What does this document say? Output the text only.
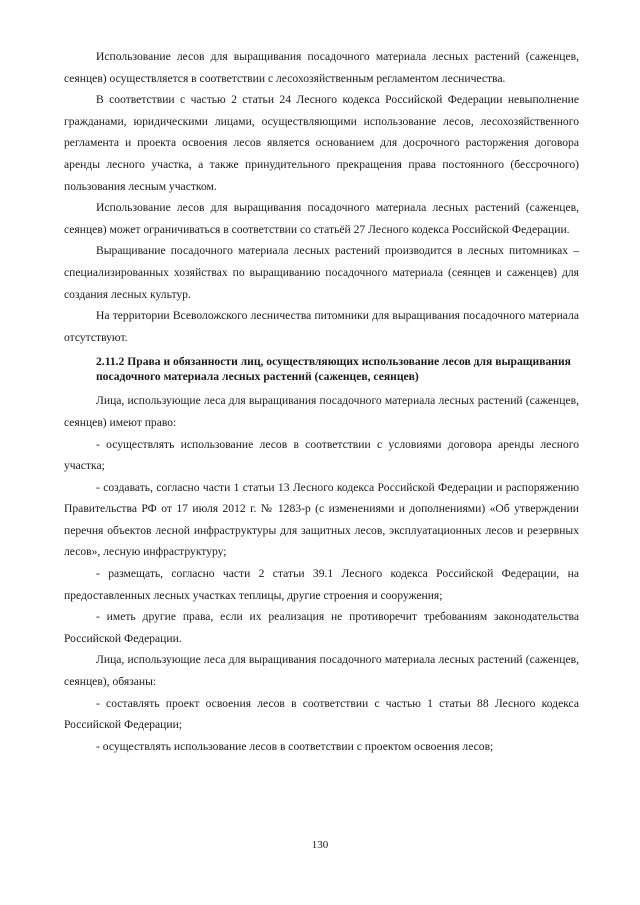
Использование лесов для выращивания посадочного материала лесных растений (саженцев, сеянцев) осуществляется в соответствии с лесохозяйственным регламентом лесничества.

В соответствии с частью 2 статьи 24 Лесного кодекса Российской Федерации невыполнение гражданами, юридическими лицами, осуществляющими использование лесов, лесохозяйственного регламента и проекта освоения лесов является основанием для досрочного расторжения договора аренды лесного участка, а также принудительного прекращения права постоянного (бессрочного) пользования лесным участком.

Использование лесов для выращивания посадочного материала лесных растений (саженцев, сеянцев) может ограничиваться в соответствии со статьёй 27 Лесного кодекса Российской Федерации.

Выращивание посадочного материала лесных растений производится в лесных питомниках – специализированных хозяйствах по выращиванию посадочного материала (сеянцев и саженцев) для создания лесных культур.

На территории Всеволожского лесничества питомники для выращивания посадочного материала отсутствуют.

2.11.2 Права и обязанности лиц, осуществляющих использование лесов для выращивания посадочного материала лесных растений (саженцев, сеянцев)

Лица, использующие леса для выращивания посадочного материала лесных растений (саженцев, сеянцев) имеют право:

- осуществлять использование лесов в соответствии с условиями договора аренды лесного участка;

- создавать, согласно части 1 статьи 13 Лесного кодекса Российской Федерации и распоряжению Правительства РФ от 17 июля 2012 г. № 1283-р (с изменениями и дополнениями) «Об утверждении перечня объектов лесной инфраструктуры для защитных лесов, эксплуатационных лесов и резервных лесов», лесную инфраструктуру;

- размещать, согласно части 2 статьи 39.1 Лесного кодекса Российской Федерации, на предоставленных лесных участках теплицы, другие строения и сооружения;

- иметь другие права, если их реализация не противоречит требованиям законодательства Российской Федерации.

Лица, использующие леса для выращивания посадочного материала лесных растений (саженцев, сеянцев), обязаны:

- составлять проект освоения лесов в соответствии с частью 1 статьи 88 Лесного кодекса Российской Федерации;

- осуществлять использование лесов в соответствии с проектом освоения лесов;

130
